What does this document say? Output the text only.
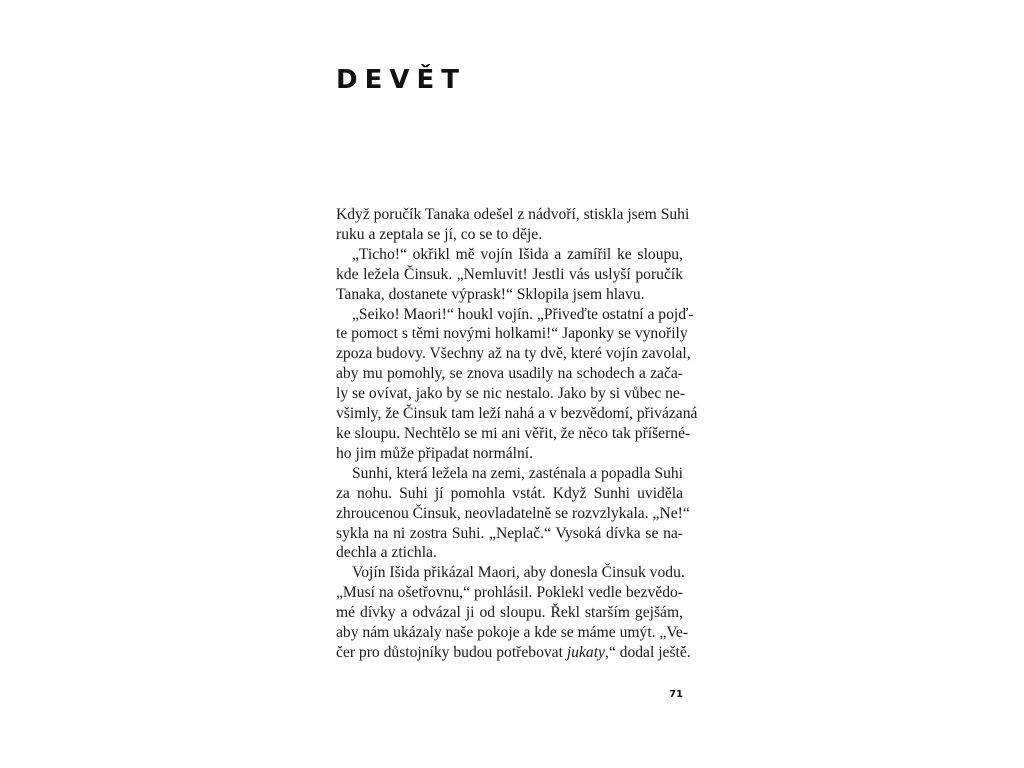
DEVĚT
Když poručík Tanaka odešel z nádvoří, stiskla jsem Suhi
ruku a zeptala se jí, co se to děje.
„Ticho!“ okřikl mě vojín Išida a zamířil ke sloupu,
kde ležela Činsuk. „Nemluvit! Jestli vás uslyší poručík
Tanaka, dostanete výprask!“ Sklopila jsem hlavu.
„Seiko! Maori!“ houkl vojín. „Přiveďte ostatní a pojď-
te pomoct s těmi novými holkami!“ Japonky se vynořily
zpoza budovy. Všechny až na ty dvě, které vojín zavolal,
aby mu pomohly, se znova usadily na schodech a zača-
ly se ovívat, jako by se nic nestalo. Jako by si vůbec ne-
všimly, že Činsuk tam leží nahá a v bezvědomí, přivázaná
ke sloupu. Nechtělo se mi ani věřit, že něco tak příšerné-
ho jim může připadat normální.
Sunhi, která ležela na zemi, zasténala a popadla Suhi
za nohu. Suhi jí pomohla vstát. Když Sunhi uviděla
zhroucenou Činsuk, neovladatelně se rozvzlykala. „Ne!“
sykla na ni zostra Suhi. „Neplač.“ Vysoká dívka se na-
dechla a ztichla.
Vojín Išida přikázal Maori, aby donesla Činsuk vodu.
„Musí na ošetřovnu,“ prohlásil. Poklekl vedle bezvědo-
mé dívky a odvázal ji od sloupu. Řekl starším gejšám,
aby nám ukázaly naše pokoje a kde se máme umýt. „Ve-
čer pro důstojníky budou potřebovat jukaty,“ dodal ještě.
71
